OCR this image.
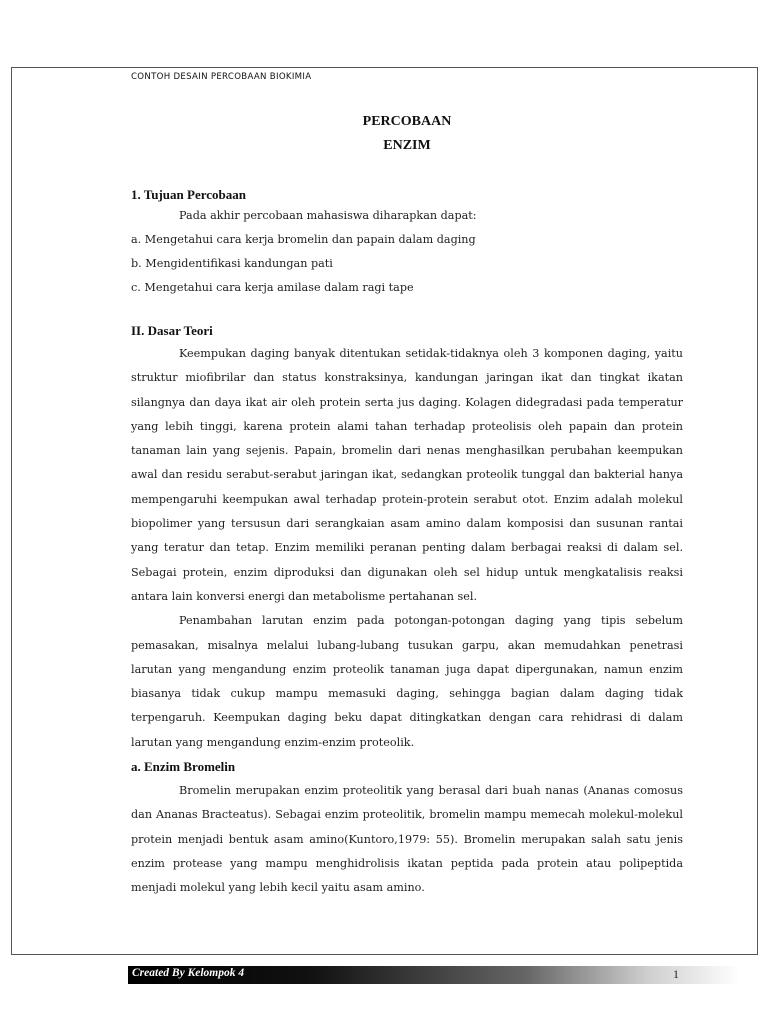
CONTOH DESAIN PERCOBAAN BIOKIMIA
PERCOBAAN
ENZIM

1. Tujuan Percobaan

Pada akhir percobaan mahasiswa diharapkan dapat:

a. Mengetahui cara kerja bromelin dan papain dalam daging

b. Mengidentifikasi kandungan pati

c. Mengetahui cara kerja amilase dalam ragi tape

II. Dasar Teori

Keempukan daging banyak ditentukan setidak-tidaknya oleh 3 komponen daging, yaitu struktur miofibrilar dan status konstraksinya, kandungan jaringan ikat dan tingkat ikatan silangnya dan daya ikat air oleh protein serta jus daging. Kolagen didegradasi pada temperatur yang lebih tinggi, karena protein alami tahan terhadap proteolisis oleh papain dan protein tanaman lain yang sejenis. Papain, bromelin dari nenas menghasilkan perubahan keempukan awal dan residu serabut-serabut jaringan ikat, sedangkan proteolik tunggal dan bakterial hanya mempengaruhi keempukan awal terhadap protein-protein serabut otot. Enzim adalah molekul biopolimer yang tersusun dari serangkaian asam amino dalam komposisi dan susunan rantai yang teratur dan tetap. Enzim memiliki peranan penting dalam berbagai reaksi di dalam sel. Sebagai protein, enzim diproduksi dan digunakan oleh sel hidup untuk mengkatalisis reaksi antara lain konversi energi dan metabolisme pertahanan sel.

Penambahan larutan enzim pada potongan-potongan daging yang tipis sebelum pemasakan, misalnya melalui lubang-lubang tusukan garpu, akan memudahkan penetrasi larutan yang mengandung enzim proteolik tanaman juga dapat dipergunakan, namun enzim biasanya tidak cukup mampu memasuki daging, sehingga bagian dalam daging tidak terpengaruh. Keempukan daging beku dapat ditingkatkan dengan cara rehidrasi di dalam larutan yang mengandung enzim-enzim proteolik.

a. Enzim Bromelin

Bromelin merupakan enzim proteolitik yang berasal dari buah nanas (Ananas comosus dan Ananas Bracteatus). Sebagai enzim proteolitik, bromelin mampu memecah molekul-molekul protein menjadi bentuk asam amino(Kuntoro,1979: 55). Bromelin merupakan salah satu jenis enzim protease yang mampu menghidrolisis ikatan peptida pada protein atau polipeptida menjadi molekul yang lebih kecil yaitu asam amino.

Created By Kelompok 4	1
